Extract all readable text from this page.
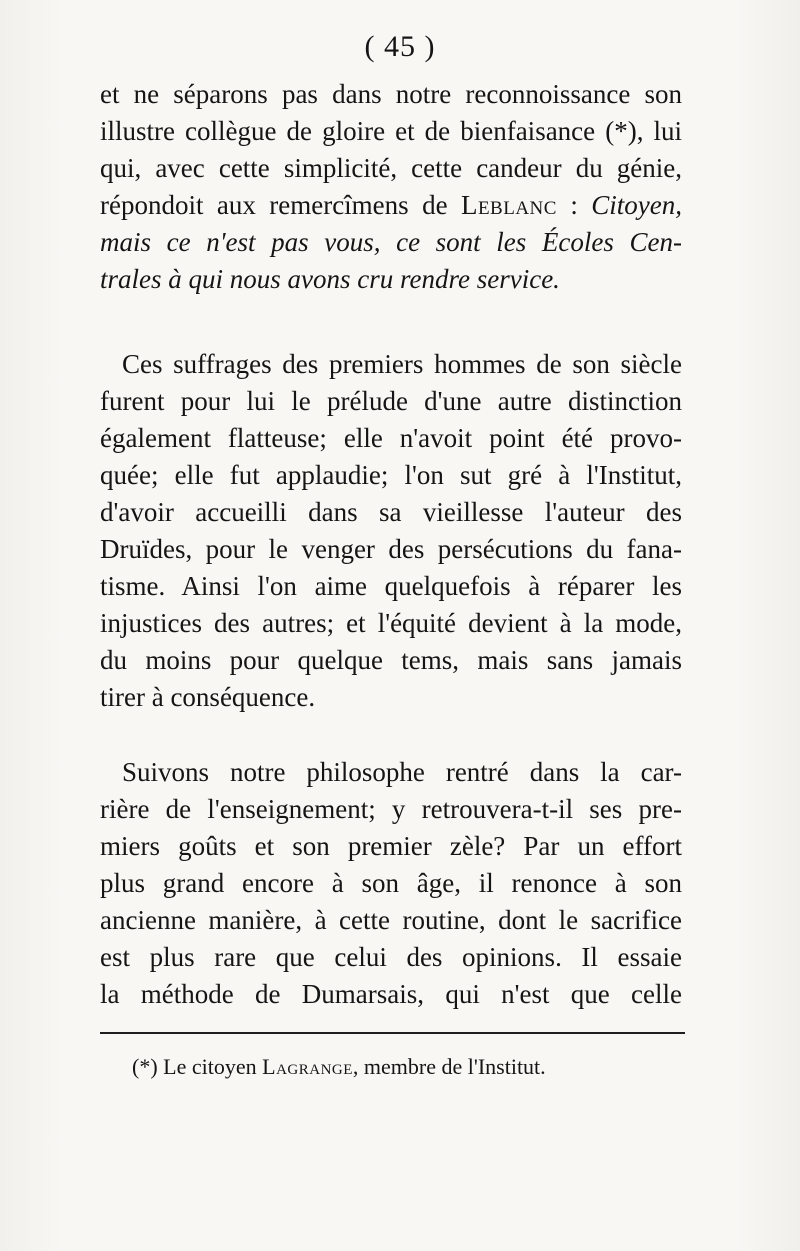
( 45 )
et ne séparons pas dans notre reconnoissance son
illustre collègue de gloire et de bienfaisance (*), lui
qui, avec cette simplicité, cette candeur du génie,
répondoit aux remercîmens de Leblanc : Citoyen,
mais ce n'est pas vous, ce sont les Écoles Cen-
trales à qui nous avons cru rendre service.
Ces suffrages des premiers hommes de son siècle
furent pour lui le prélude d'une autre distinction
également flatteuse; elle n'avoit point été provo-
quée; elle fut applaudie; l'on sut gré à l'Institut,
d'avoir accueilli dans sa vieillesse l'auteur des
Druïdes, pour le venger des persécutions du fana-
tisme. Ainsi l'on aime quelquefois à réparer les
injustices des autres; et l'équité devient à la mode,
du moins pour quelque tems, mais sans jamais
tirer à conséquence.
Suivons notre philosophe rentré dans la car-
rière de l'enseignement; y retrouvera-t-il ses pre-
miers goûts et son premier zèle? Par un effort
plus grand encore à son âge, il renonce à son
ancienne manière, à cette routine, dont le sacrifice
est plus rare que celui des opinions. Il essaie
la méthode de Dumarsais, qui n'est que celle
(*) Le citoyen Lagrange, membre de l'Institut.
